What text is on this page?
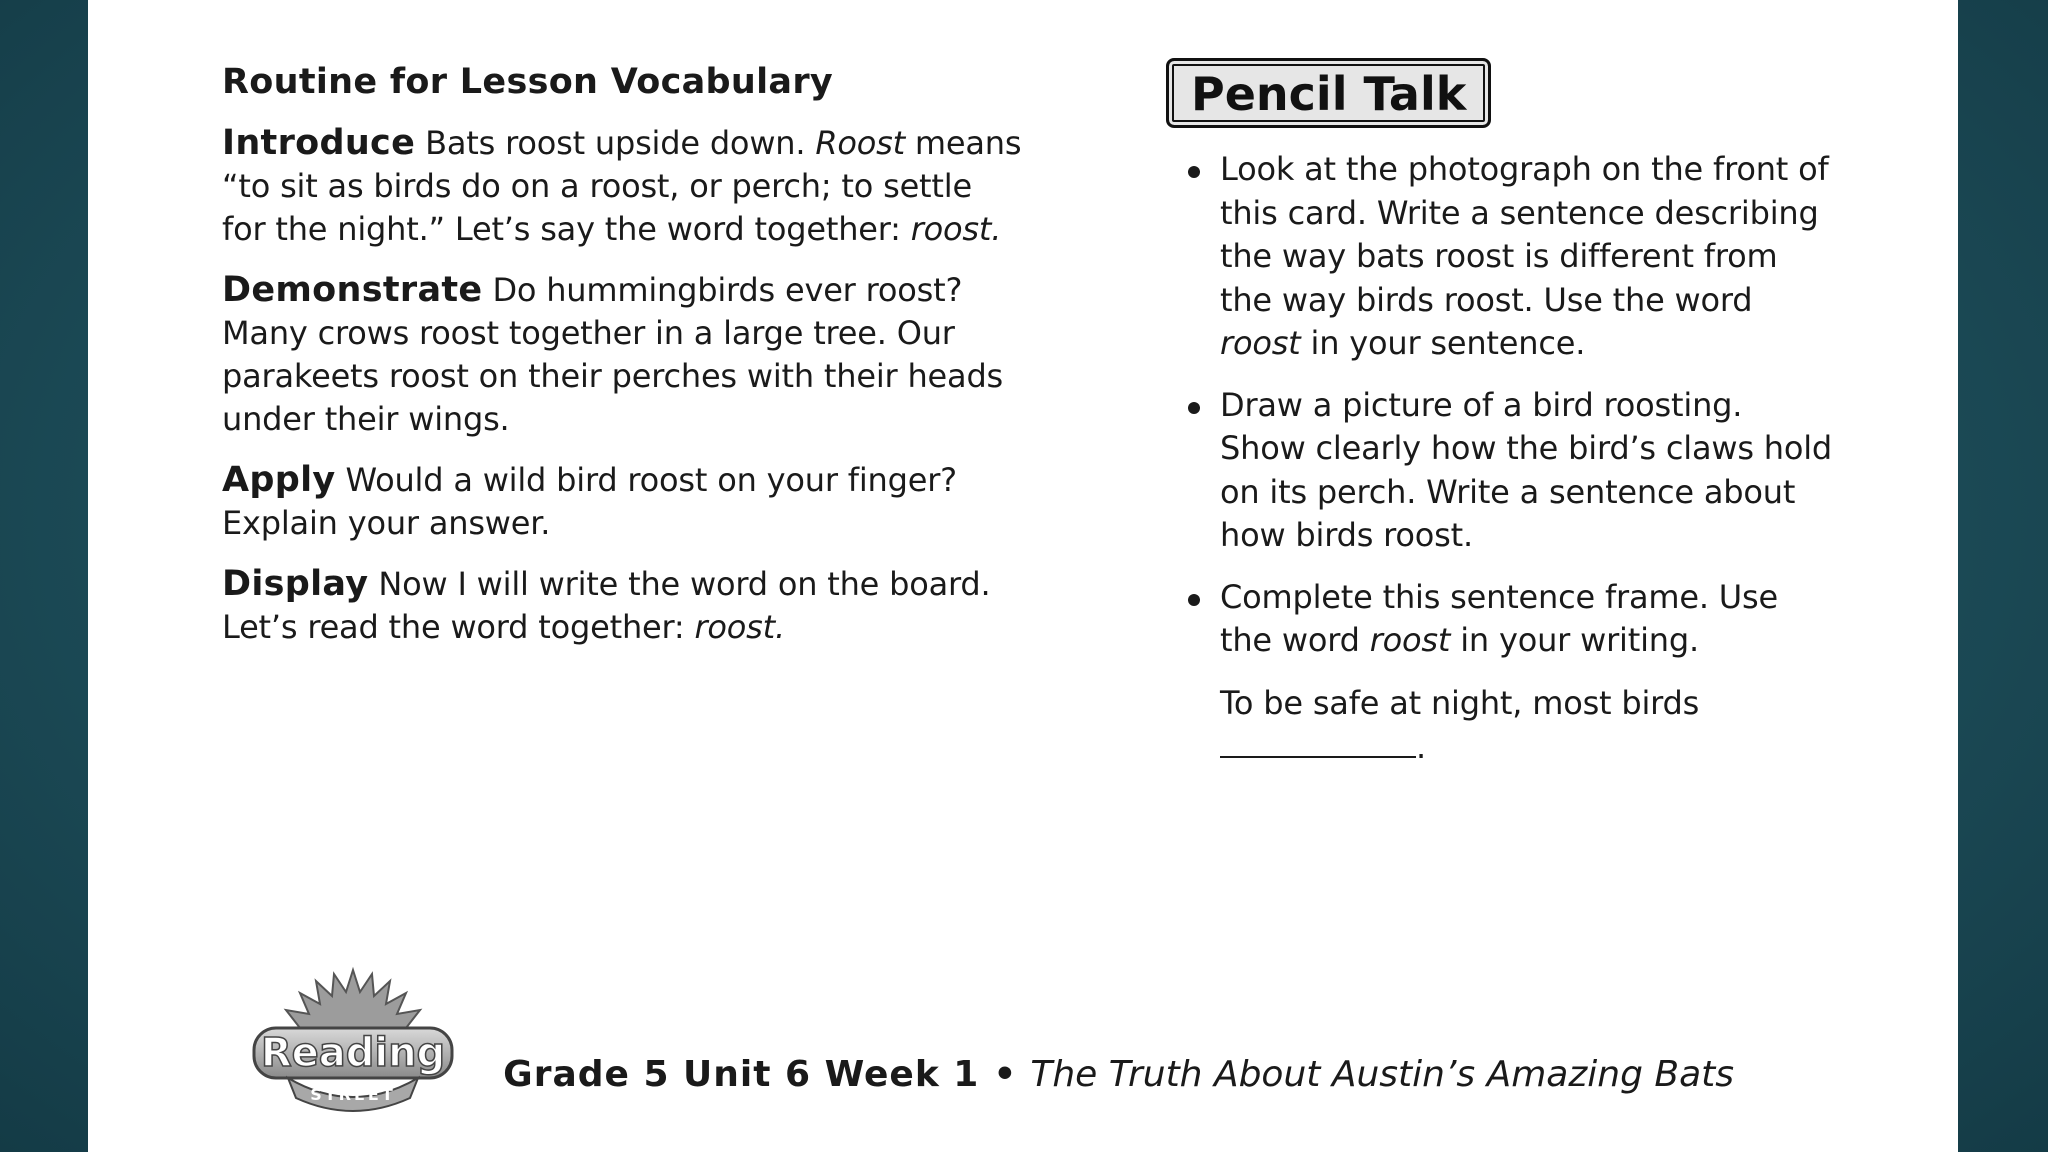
Routine for Lesson Vocabulary

Introduce Bats roost upside down. Roost means “to sit as birds do on a roost, or perch; to settle for the night.” Let’s say the word together: roost.

Demonstrate Do hummingbirds ever roost? Many crows roost together in a large tree. Our parakeets roost on their perches with their heads under their wings.

Apply Would a wild bird roost on your finger? Explain your answer.

Display Now I will write the word on the board. Let’s read the word together: roost.

Pencil Talk
Look at the photograph on the front of this card. Write a sentence describing the way bats roost is different from the way birds roost. Use the word roost in your sentence.
Draw a picture of a bird roosting. Show clearly how the bird’s claws hold on its perch. Write a sentence about how birds roost.
Complete this sentence frame. Use the word roost in your writing.
To be safe at night, most birds
.
Reading
STREET	Grade 5 Unit 6 Week 1 • The Truth About Austin’s Amazing Bats
